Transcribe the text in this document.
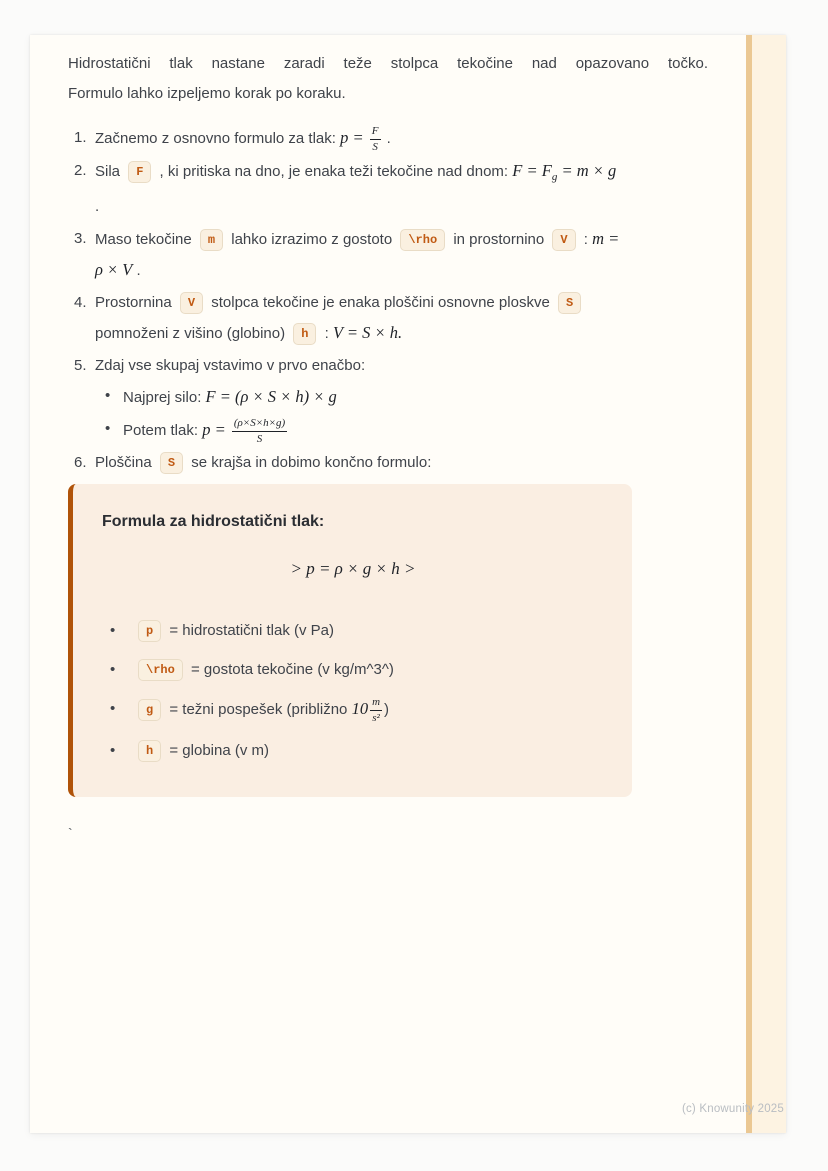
Hidrostatični tlak nastane zaradi teže stolpca tekočine nad opazovano točko.
Formulo lahko izpeljemo korak po koraku.

1. Začnemo z osnovno formulo za tlak: $p = \frac{F}{S}$ .
2. Sila F , ki pritiska na dno, je enaka teži tekočine nad dnom: $F = F_g = m \times g$
.
3. Maso tekočine m lahko izrazimo z gostoto \rho in prostornino V : m =
ρ × V .
4. Prostornina V stolpca tekočine je enaka ploščini osnovne ploskve S
pomnoženi z višino (globino) h : V = S × h.
5. Zdaj vse skupaj vstavimo v prvo enačbo:
• Najprej silo: F = (ρ × S × h) × g
• Potem tlak: $p = \frac{(\rho\times S\times h\times g)}{S}$
6. Ploščina S se krajša in dobimo končno formulo:
Formula za hidrostatični tlak:
> p = ρ × g × h >
•	p = hidrostatični tlak (v Pa)
•	\rho = gostota tekočine (v kg/m^3^)
•	g = težni pospešek (približno $10 \frac{m}{\text{s²}}$ )
•	h = globina (v m)
`
(c) Knowunity 2025
